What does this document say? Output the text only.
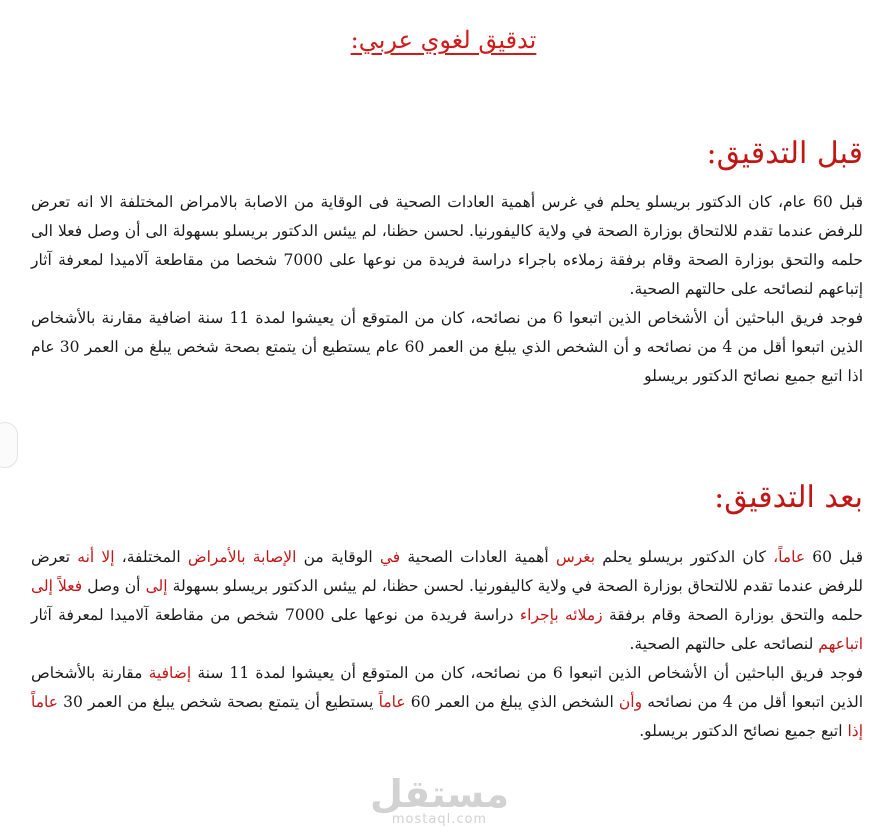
تدقيق لغوي عربي:
قبل التدقيق:

قبل 60 عام، كان الدكتور بريسلو يحلم في غرس أهمية العادات الصحية فى الوقاية من الاصابة بالامراض المختلفة الا انه تعرض للرفض عندما تقدم للالتحاق بوزارة الصحة في ولاية كاليفورنيا. لحسن حظنا، لم ييئس الدكتور بريسلو بسهولة الى أن وصل فعلا الى حلمه والتحق بوزارة الصحة وقام برفقة زملاءه باجراء دراسة فريدة من نوعها على 7000 شخصا من مقاطعة آلاميدا لمعرفة آثار إتباعهم لنصائحه على حالتهم الصحية.

فوجد فريق الباحثين أن الأشخاص الذين اتبعوا 6 من نصائحه، كان من المتوقع أن يعيشوا لمدة 11 سنة اضافية مقارنة بالأشخاص الذين اتبعوا أقل من 4 من نصائحه و أن الشخص الذي يبلغ من العمر 60 عام يستطيع أن يتمتع بصحة شخص يبلغ من العمر 30 عام اذا اتبع جميع نصائح الدكتور بريسلو

بعد التدقيق:

قبل 60 عاماً، كان الدكتور بريسلو يحلم بغرس أهمية العادات الصحية في الوقاية من الإصابة بالأمراض المختلفة، إلا أنه تعرض للرفض عندما تقدم للالتحاق بوزارة الصحة في ولاية كاليفورنيا. لحسن حظنا، لم ييئس الدكتور بريسلو بسهولة إلى أن وصل فعلاً إلى حلمه والتحق بوزارة الصحة وقام برفقة زملائه بإجراء دراسة فريدة من نوعها على 7000 شخص من مقاطعة آلاميدا لمعرفة آثار اتباعهم لنصائحه على حالتهم الصحية.

فوجد فريق الباحثين أن الأشخاص الذين اتبعوا 6 من نصائحه، كان من المتوقع أن يعيشوا لمدة 11 سنة إضافية مقارنة بالأشخاص الذين اتبعوا أقل من 4 من نصائحه وأن الشخص الذي يبلغ من العمر 60 عاماً يستطيع أن يتمتع بصحة شخص يبلغ من العمر 30 عاماً إذا اتبع جميع نصائح الدكتور بريسلو.

مستقل
mostaql.com
